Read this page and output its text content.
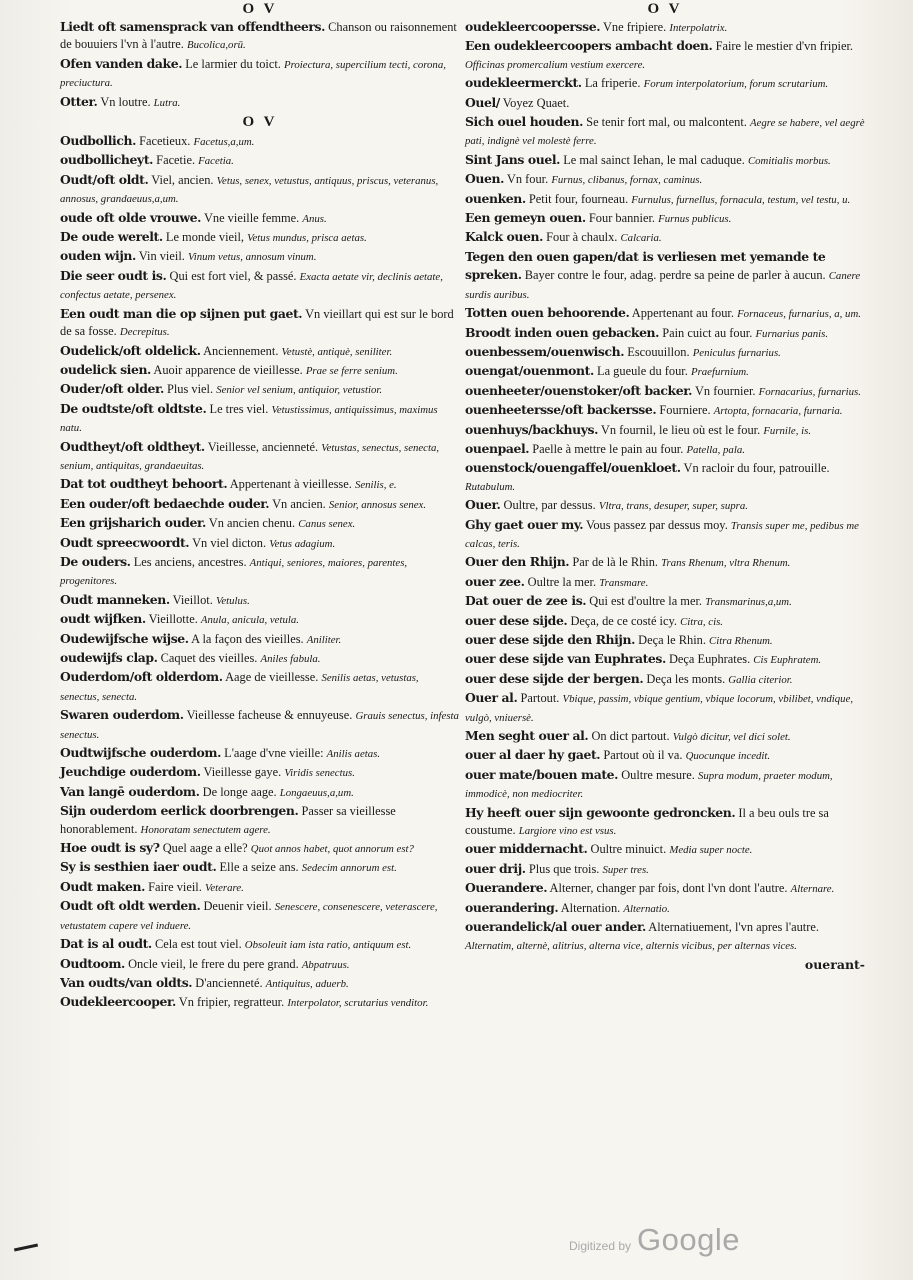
O V

Liedt oft samensprack van offendtheers. Chanson ou raisonnement de bouuiers l'vn à l'autre. Bucolica,orū.

Ofen vanden dake. Le larmier du toict. Proiectura, supercilium tecti, corona, preciuctura.

Otter. Vn loutre. Lutra.

O V

Oudbollich. Facetieux. Facetus,a,um.

oudbollicheyt. Facetie. Facetia.

Oudt/oft oldt. Viel, ancien. Vetus, senex, vetustus, antiquus, priscus, veteranus, annosus, grandaeuus,a,um.

oude oft olde vrouwe. Vne vieille femme. Anus.

De oude werelt. Le monde vieil, Vetus mundus, prisca aetas.

ouden wijn. Vin vieil. Vinum vetus, annosum vinum.

Die seer oudt is. Qui est fort viel, & passé. Exacta aetate vir, declinis aetate, confectus aetate, persenex.

Een oudt man die op sijnen put gaet. Vn vieillart qui est sur le bord de sa fosse. Decrepitus.

Oudelick/oft oldelick. Anciennement. Vetustè, antiquè, seniliter.

oudelick sien. Auoir apparence de vieillesse. Prae se ferre senium.

Ouder/oft older. Plus viel. Senior vel senium, antiquior, vetustior.

De oudtste/oft oldtste. Le tres viel. Vetustissimus, antiquissimus, maximus natu.

Oudtheyt/oft oldtheyt. Vieillesse, ancienneté. Vetustas, senectus, senecta, senium, antiquitas, grandaeuitas.

Dat tot oudtheyt behoort. Appertenant à vieillesse. Senilis, e.

Een ouder/oft bedaechde ouder. Vn ancien. Senior, annosus senex.

Een grijsharich ouder. Vn ancien chenu. Canus senex.

Oudt spreecwoordt. Vn viel dicton. Vetus adagium.

De ouders. Les anciens, ancestres. Antiqui, seniores, maiores, parentes, progenitores.

Oudt manneken. Vieillot. Vetulus.

oudt wijfken. Vieillotte. Anula, anicula, vetula.

Oudewijfsche wijse. A la façon des vieilles. Aniliter.

oudewijfs clap. Caquet des vieilles. Aniles fabula.

Ouderdom/oft olderdom. Aage de vieillesse. Senilis aetas, vetustas, senectus, senecta.

Swaren ouderdom. Vieillesse facheuse & ennuyeuse. Grauis senectus, infesta senectus.

Oudtwijfsche ouderdom. L'aage d'vne vieille: Anilis aetas.

Jeuchdige ouderdom. Vieillesse gaye. Viridis senectus.

Van langē ouderdom. De longe aage. Longaeuus,a,um.

Sijn ouderdom eerlick doorbrengen. Passer sa vieillesse honorablement. Honoratam senectutem agere.

Hoe oudt is sy? Quel aage a elle? Quot annos habet, quot annorum est?

Sy is sesthien iaer oudt. Elle a seize ans. Sedecim annorum est.

Oudt maken. Faire vieil. Veterare.

Oudt oft oldt werden. Deuenir vieil. Senescere, consenescere, veterascere, vetustatem capere vel induere.

Dat is al oudt. Cela est tout viel. Obsoleuit iam ista ratio, antiquum est.

Oudtoom. Oncle vieil, le frere du pere grand. Abpatruus.

Van oudts/van oldts. D'ancienneté. Antiquitus, aduerb.

Oudekleercooper. Vn fripier, regratteur. Interpolator, scrutarius venditor.

O V

oudekleercoopersse. Vne fripiere. Interpolatrix.

Een oudekleercoopers ambacht doen. Faire le mestier d'vn fripier. Officinas promercalium vestium exercere.

oudekleermerckt. La friperie. Forum interpolatorium, forum scrutarium.

Ouel/ Voyez Quaet.

Sich ouel houden. Se tenir fort mal, ou malcontent. Aegre se habere, vel aegrè pati, indignè vel molestè ferre.

Sint Jans ouel. Le mal sainct Iehan, le mal caduque. Comitialis morbus.

Ouen. Vn four. Furnus, clibanus, fornax, caminus.

ouenken. Petit four, fourneau. Furnulus, furnellus, fornacula, testum, vel testu, u.

Een gemeyn ouen. Four bannier. Furnus publicus.

Kalck ouen. Four à chaulx. Calcaria.

Tegen den ouen gapen/dat is verliesen met yemande te spreken. Bayer contre le four, adag. perdre sa peine de parler à aucun. Canere surdis auribus.

Totten ouen behoorende. Appertenant au four. Fornaceus, furnarius, a, um.

Broodt inden ouen gebacken. Pain cuict au four. Furnarius panis.

ouenbessem/ouenwisch. Escouuillon. Peniculus furnarius.

ouengat/ouenmont. La gueule du four. Praefurnium.

ouenheeter/ouenstoker/oft backer. Vn fournier. Fornacarius, furnarius.

ouenheetersse/oft backersse. Fourniere. Artopta, fornacaria, furnaria.

ouenhuys/backhuys. Vn fournil, le lieu où est le four. Furnile, is.

ouenpael. Paelle à mettre le pain au four. Patella, pala.

ouenstock/ouengaffel/ouenkloet. Vn racloir du four, patrouille. Rutabulum.

Ouer. Oultre, par dessus. Vltra, trans, desuper, super, supra.

Ghy gaet ouer my. Vous passez par dessus moy. Transis super me, pedibus me calcas, teris.

Ouer den Rhijn. Par de là le Rhin. Trans Rhenum, vltra Rhenum.

ouer zee. Oultre la mer. Transmare.

Dat ouer de zee is. Qui est d'oultre la mer. Transmarinus,a,um.

ouer dese sijde. Deça, de ce costé icy. Citra, cis.

ouer dese sijde den Rhijn. Deça le Rhin. Citra Rhenum.

ouer dese sijde van Euphrates. Deça Euphrates. Cis Euphratem.

ouer dese sijde der bergen. Deça les monts. Gallia citerior.

Ouer al. Partout. Vbique, passim, vbique gentium, vbique locorum, vbilibet, vndique, vulgò, vniuersè.

Men seght ouer al. On dict partout. Vulgò dicitur, vel dici solet.

ouer al daer hy gaet. Partout où il va. Quocunque incedit.

ouer mate/bouen mate. Oultre mesure. Supra modum, praeter modum, immodicè, non mediocriter.

Hy heeft ouer sijn gewoonte gedroncken. Il a beu ouls tre sa coustume. Largiore vino est vsus.

ouer middernacht. Oultre minuict. Media super nocte.

ouer drij. Plus que trois. Super tres.

Ouerandere. Alterner, changer par fois, dont l'vn dont l'autre. Alternare.

ouerandering. Alternation. Alternatio.

ouerandelick/al ouer ander. Alternatiuement, l'vn apres l'autre. Alternatim, alternè, alitrius, alterna vice, alternis vicibus, per alternas vices.

ouerant-
Digitized by Google
